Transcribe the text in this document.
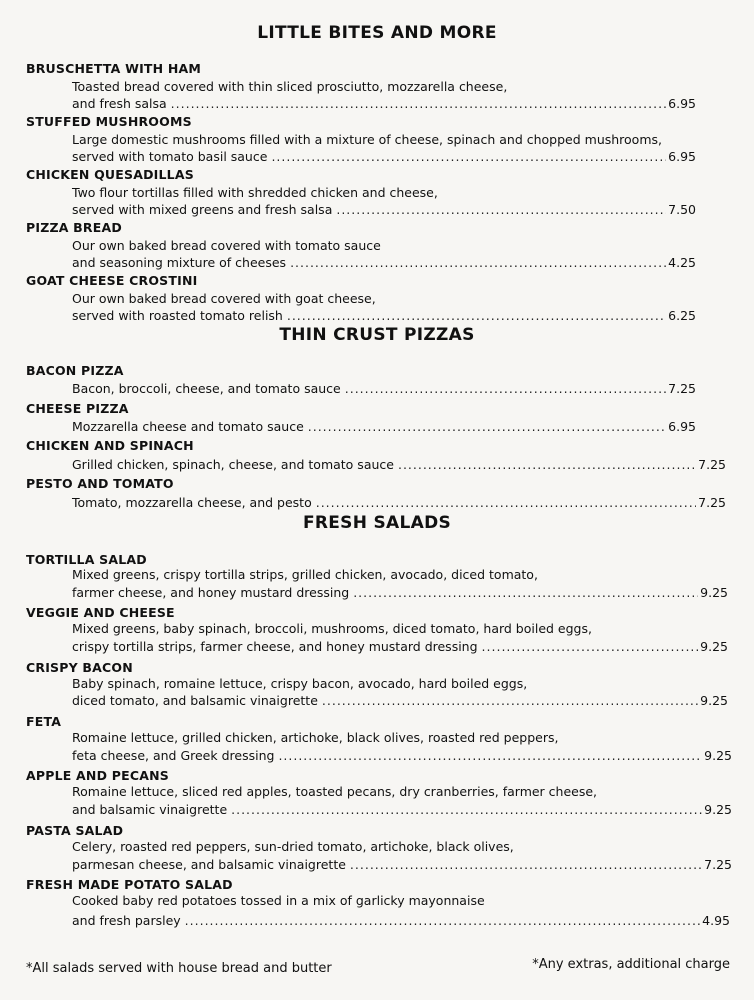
LITTLE BITES AND MORE
BRUSCHETTA WITH HAM
Toasted bread covered with thin sliced prosciutto, mozzarella cheese,
and fresh salsa .....	6.95
STUFFED MUSHROOMS
Large domestic mushrooms filled with a mixture of cheese, spinach and chopped mushrooms,
served with tomato basil sauce .....	6.95
CHICKEN QUESADILLAS
Two flour tortillas filled with shredded chicken and cheese,
served with mixed greens and fresh salsa .....	7.50
PIZZA BREAD
Our own baked bread covered with tomato sauce
and seasoning mixture of cheeses .....	4.25
GOAT CHEESE CROSTINI
Our own baked bread covered with goat cheese,
served with roasted tomato relish .....	6.25
THIN CRUST PIZZAS
BACON PIZZA
Bacon, broccoli, cheese, and tomato sauce .....	7.25
CHEESE PIZZA
Mozzarella cheese and tomato sauce .....	6.95
CHICKEN AND SPINACH
Grilled chicken, spinach, cheese, and tomato sauce .....	7.25
PESTO AND TOMATO
Tomato, mozzarella cheese, and pesto .....	7.25
FRESH SALADS
TORTILLA SALAD
Mixed greens, crispy tortilla strips, grilled chicken, avocado, diced tomato,
farmer cheese, and honey mustard dressing .....	9.25
VEGGIE AND CHEESE
Mixed greens, baby spinach, broccoli, mushrooms, diced tomato, hard boiled eggs,
crispy tortilla strips, farmer cheese, and honey mustard dressing .....	9.25
CRISPY BACON
Baby spinach, romaine lettuce, crispy bacon, avocado, hard boiled eggs,
diced tomato, and balsamic vinaigrette .....	9.25
FETA
Romaine lettuce, grilled chicken, artichoke, black olives, roasted red peppers,
feta cheese, and Greek dressing .....	9.25
APPLE AND PECANS
Romaine lettuce, sliced red apples, toasted pecans, dry cranberries, farmer cheese,
and balsamic vinaigrette .....	9.25
PASTA SALAD
Celery, roasted red peppers, sun-dried tomato, artichoke, black olives,
parmesan cheese, and balsamic vinaigrette .....	7.25
FRESH MADE POTATO SALAD
Cooked baby red potatoes tossed in a mix of garlicky mayonnaise
and fresh parsley .....	4.95
*All salads served with house bread and butter	*Any extras, additional charge
